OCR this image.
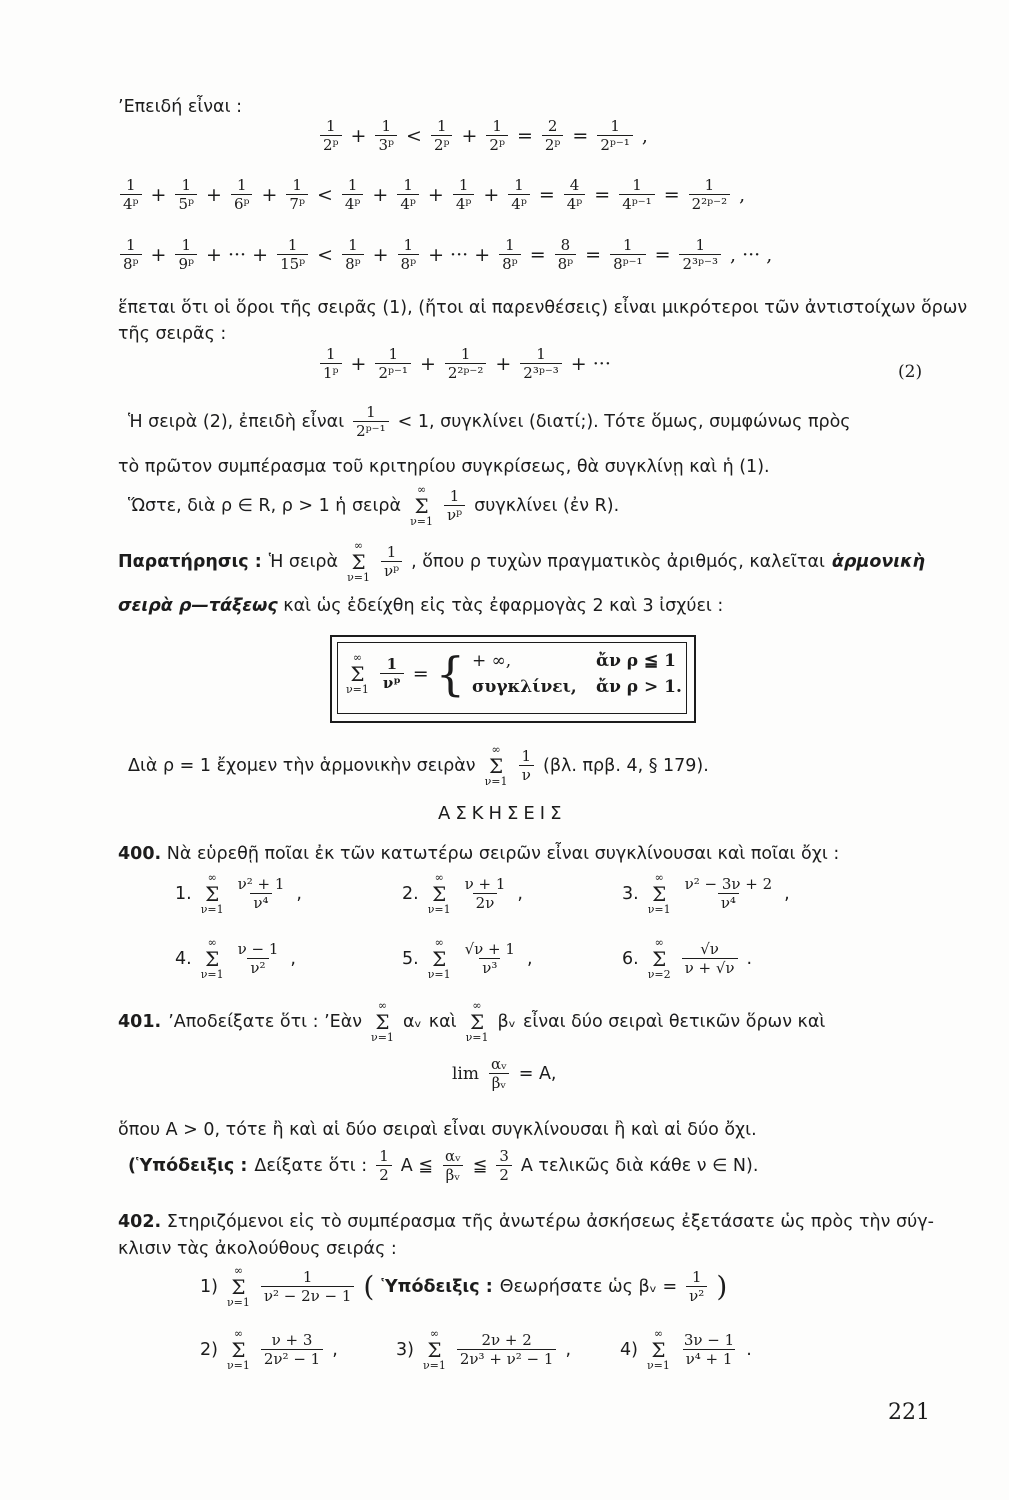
’Επειδή εἶναι :
$\frac{1}{\text{2ᵖ}} + \frac{1}{\text{3ᵖ}} < \frac{1}{\text{2ᵖ}} + \frac{1}{\text{2ᵖ}} = \frac{2}{\text{2ᵖ}} = \frac{1}{\text{2ᵖ⁻¹}}$ ,
$\frac{1}{\text{4ᵖ}} + \frac{1}{\text{5ᵖ}} + \frac{1}{\text{6ᵖ}} + \frac{1}{\text{7ᵖ}} < \frac{1}{\text{4ᵖ}} + \frac{1}{\text{4ᵖ}} + \frac{1}{\text{4ᵖ}} + \frac{1}{\text{4ᵖ}} = \frac{4}{\text{4ᵖ}} = \frac{1}{\text{4ᵖ⁻¹}} = \frac{1}{\text{2²ᵖ⁻²}}$ ,
$\frac{1}{\text{8ᵖ}} + \frac{1}{\text{9ᵖ}}$ + ··· + $\frac{1}{\text{15ᵖ}} < \frac{1}{\text{8ᵖ}} + \frac{1}{\text{8ᵖ}}$ + ··· + $\frac{1}{\text{8ᵖ}} = \frac{8}{\text{8ᵖ}} = \frac{1}{\text{8ᵖ⁻¹}} = \frac{1}{\text{2³ᵖ⁻³}}$ , ··· ,
ἕπεται ὅτι οἱ ὅροι τῆς σειρᾶς (1), (ἤτοι αἱ παρενθέσεις) εἶναι μικρότεροι τῶν ἀντιστοίχων ὅρων
τῆς σειρᾶς :
$\frac{1}{\text{1ᵖ}} + \frac{1}{\text{2ᵖ⁻¹}} + \frac{1}{\text{2²ᵖ⁻²}} + \frac{1}{\text{2³ᵖ⁻³}}$ + ···	(2)
Ἡ σειρὰ (2), ἐπειδὴ εἶναι $\frac{1}{\text{2ᵖ⁻¹}} < 1$, συγκλίνει (διατί;). Τότε ὅμως, συμφώνως πρὸς
τὸ πρῶτον συμπέρασμα τοῦ κριτηρίου συγκρίσεως, θὰ συγκλίνῃ καὶ ἡ (1).
Ὥστε, διὰ ρ ∈ R, ρ > 1 ἡ σειρὰ
∞
Σ
$\nu=1 \frac{1}{\text{νᵖ}}$ συγκλίνει (ἐν R).
Παρατήρησις : Ἡ σειρὰ
∞
Σ
$\nu=1 \frac{1}{\text{νᵖ}}$ , ὅπου ρ τυχὼν πραγματικὸς ἀριθμός, καλεῖται ἁρμονικὴ
σειρὰ ρ—τάξεως καὶ ὡς ἐδείχθη εἰς τὰς ἐφαρμογὰς 2 καὶ 3 ἰσχύει :
∞
Σ
$\nu=1 \frac{1}{\text{νᵖ}}$ = { + ∞,	ἄν ρ ≦ 1
συγκλίνει, ἄν ρ > 1.
Διὰ ρ = 1 ἔχομεν τὴν ἁρμονικὴν σειρὰν
∞
Σ
$\nu=1 \frac{1}{\nu} (\beta\lambda$. πρβ. 4, § 179).
ΑΣΚΗΣΕΙΣ
400. Νὰ εὑρεθῇ ποῖαι ἐκ τῶν κατωτέρω σειρῶν εἶναι συγκλίνουσαι καὶ ποῖαι ὄχι :
1.
∞
Σ
$\nu=1 \frac{\text{ν² + 1}}{\text{ν⁴}}$ ,	2.
∞
Σ
$\nu=1 \frac{\nu + 1}{2\nu}$ ,	3.
∞
Σ
$\nu=1 \frac{\text{ν² − 3ν + 2}}{\text{ν⁴}}$ ,
4.
∞
Σ
$\nu=1 \frac{\nu - 1}{\text{ν²}}$ ,	5.
∞
Σ
$\nu=1 \frac{√\nu + 1}{\text{ν³}}$ ,	6.
∞
Σ
$\nu=2 \frac{√\nu}{\nu + √\nu}$ .
401. ’Αποδείξατε ὅτι : ’Εὰν
∞
Σ
ν=1
αᵥ καὶ
∞
Σ
ν=1
βᵥ εἶναι δύο σειραὶ θετικῶν ὅρων καὶ
$\lim \frac{\text{αᵥ}}{\text{βᵥ}} = A$,
ὅπου Α > 0, τότε ἢ καὶ αἱ δύο σειραὶ εἶναι συγκλίνουσαι ἢ καὶ αἱ δύο ὄχι.
(Ὑπόδειξις : Δείξατε ὅτι : $\frac{1}{2}$ Α ≦ $\frac{\text{αᵥ}}{\text{βᵥ}}$ ≦ $\frac{3}{2}$ Α τελικῶς διὰ κάθε ν ∈ N).
402. Στηριζόμενοι εἰς τὸ συμπέρασμα τῆς ἀνωτέρω ἀσκήσεως ἐξετάσατε ὡς πρὸς τὴν σύγ-
κλισιν τὰς ἀκολούθους σειράς :
1)
∞
Σ
$\nu=1 \frac{1}{\text{ν² − 2ν − 1}}$ ( Ὑπόδειξις : Θεωρήσατε ὡς βᵥ = $\frac{1}{\text{ν²}}$ )
2)
∞
Σ
$\nu=1 \frac{\nu + 3}{\text{2ν² − 1}}$ ,	3)
∞
Σ
$\nu=1 \frac{2\nu + 2}{\text{2ν³ + ν² − 1}}$ ,	4)
∞
Σ
$\nu=1 \frac{3\nu - 1}{\text{ν⁴ + 1}}$ .
221
